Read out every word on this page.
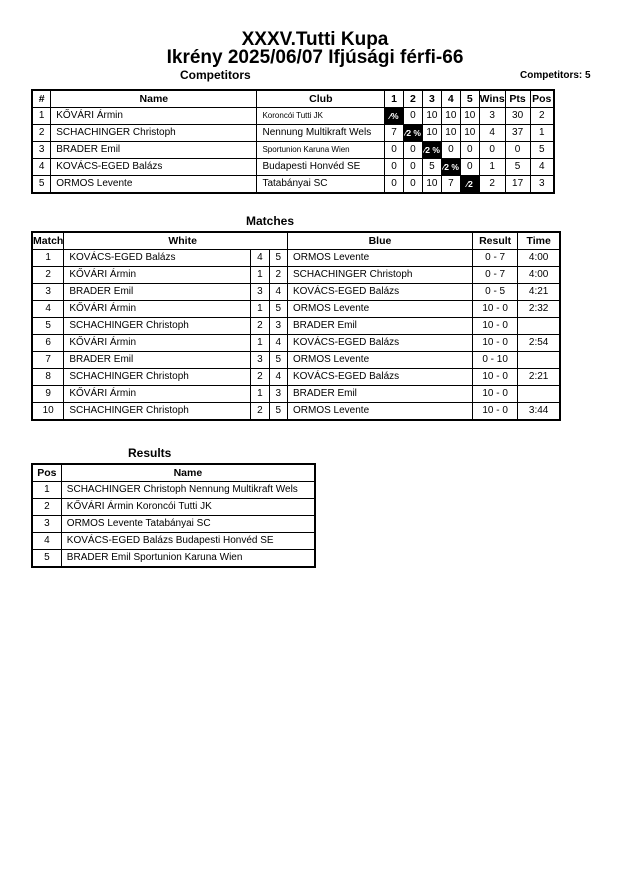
XXXV.Tutti Kupa
Ikrény 2025/06/07 Ifjúsági férfi-66
Competitors	Competitors: 5
#	Name	Club	1	2	3	4	5	Wins	Pts	Pos
1	KŐVÁRI Ármin	Koroncói Tutti JK	⁄%	0	10	10	10	3	30	2
2	SCHACHINGER Christoph	Nennung Multikraft Wels	7	⁄2 %	10	10	10	4	37	1
3	BRADER Emil	Sportunion Karuna Wien	0	0	⁄2 %	0	0	0	0	5
4	KOVÁCS-EGED Balázs	Budapesti Honvéd SE	0	0	5	⁄2 %	0	1	5	4
5	ORMOS Levente	Tatabányai SC	0	0	10	7	⁄2	2	17	3
Matches
Match	White			Blue	Result	Time
1	KOVÁCS-EGED Balázs	4	5	ORMOS Levente	0 - 7	4:00
2	KŐVÁRI Ármin	1	2	SCHACHINGER Christoph	0 - 7	4:00
3	BRADER Emil	3	4	KOVÁCS-EGED Balázs	0 - 5	4:21
4	KŐVÁRI Ármin	1	5	ORMOS Levente	10 - 0	2:32
5	SCHACHINGER Christoph	2	3	BRADER Emil	10 - 0	
6	KŐVÁRI Ármin	1	4	KOVÁCS-EGED Balázs	10 - 0	2:54
7	BRADER Emil	3	5	ORMOS Levente	0 - 10	
8	SCHACHINGER Christoph	2	4	KOVÁCS-EGED Balázs	10 - 0	2:21
9	KŐVÁRI Ármin	1	3	BRADER Emil	10 - 0	
10	SCHACHINGER Christoph	2	5	ORMOS Levente	10 - 0	3:44
Results
Pos	Name
1	SCHACHINGER Christoph Nennung Multikraft Wels
2	KŐVÁRI Ármin Koroncói Tutti JK
3	ORMOS Levente Tatabányai SC
4	KOVÁCS-EGED Balázs Budapesti Honvéd SE
5	BRADER Emil Sportunion Karuna Wien
